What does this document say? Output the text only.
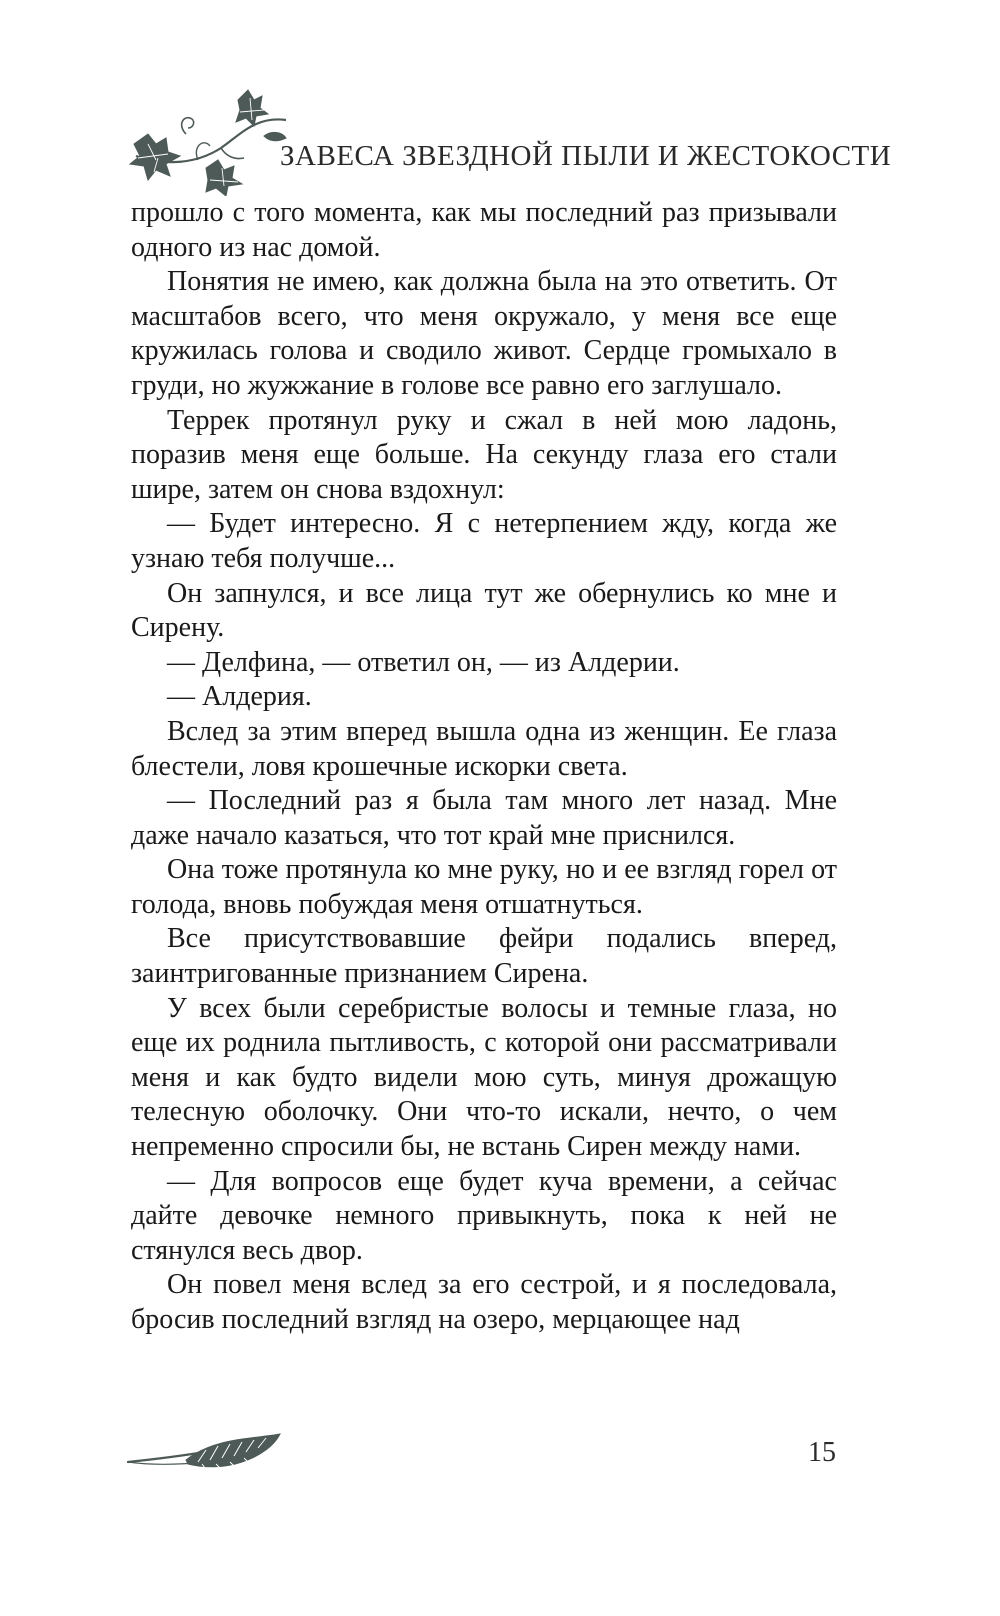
ЗАВЕСА ЗВЕЗДНОЙ ПЫЛИ И ЖЕСТОКОСТИ

прошло с того момента, как мы последний раз призывали одного из нас домой.

Понятия не имею, как должна была на это ответить. От масштабов всего, что меня окружало, у меня все еще кружилась голова и сводило живот. Сердце громыхало в груди, но жужжание в голове все равно его заглушало.

Террек протянул руку и сжал в ней мою ладонь, поразив меня еще больше. На секунду глаза его стали шире, затем он снова вздохнул:

— Будет интересно. Я с нетерпением жду, когда же узнаю тебя получше...

Он запнулся, и все лица тут же обернулись ко мне и Сирену.

— Делфина, — ответил он, — из Алдерии.

— Алдерия.

Вслед за этим вперед вышла одна из женщин. Ее глаза блестели, ловя крошечные искорки света.

— Последний раз я была там много лет назад. Мне даже начало казаться, что тот край мне приснился.

Она тоже протянула ко мне руку, но и ее взгляд горел от голода, вновь побуждая меня отшатнуться.

Все присутствовавшие фейри подались вперед, заинтригованные признанием Сирена.

У всех были серебристые волосы и темные глаза, но еще их роднила пытливость, с которой они рассматривали меня и как будто видели мою суть, минуя дрожащую телесную оболочку. Они что-то искали, нечто, о чем непременно спросили бы, не встань Сирен между нами.

— Для вопросов еще будет куча времени, а сейчас дайте девочке немного привыкнуть, пока к ней не стянулся весь двор.

Он повел меня вслед за его сестрой, и я последовала, бросив последний взгляд на озеро, мерцающее над

15
